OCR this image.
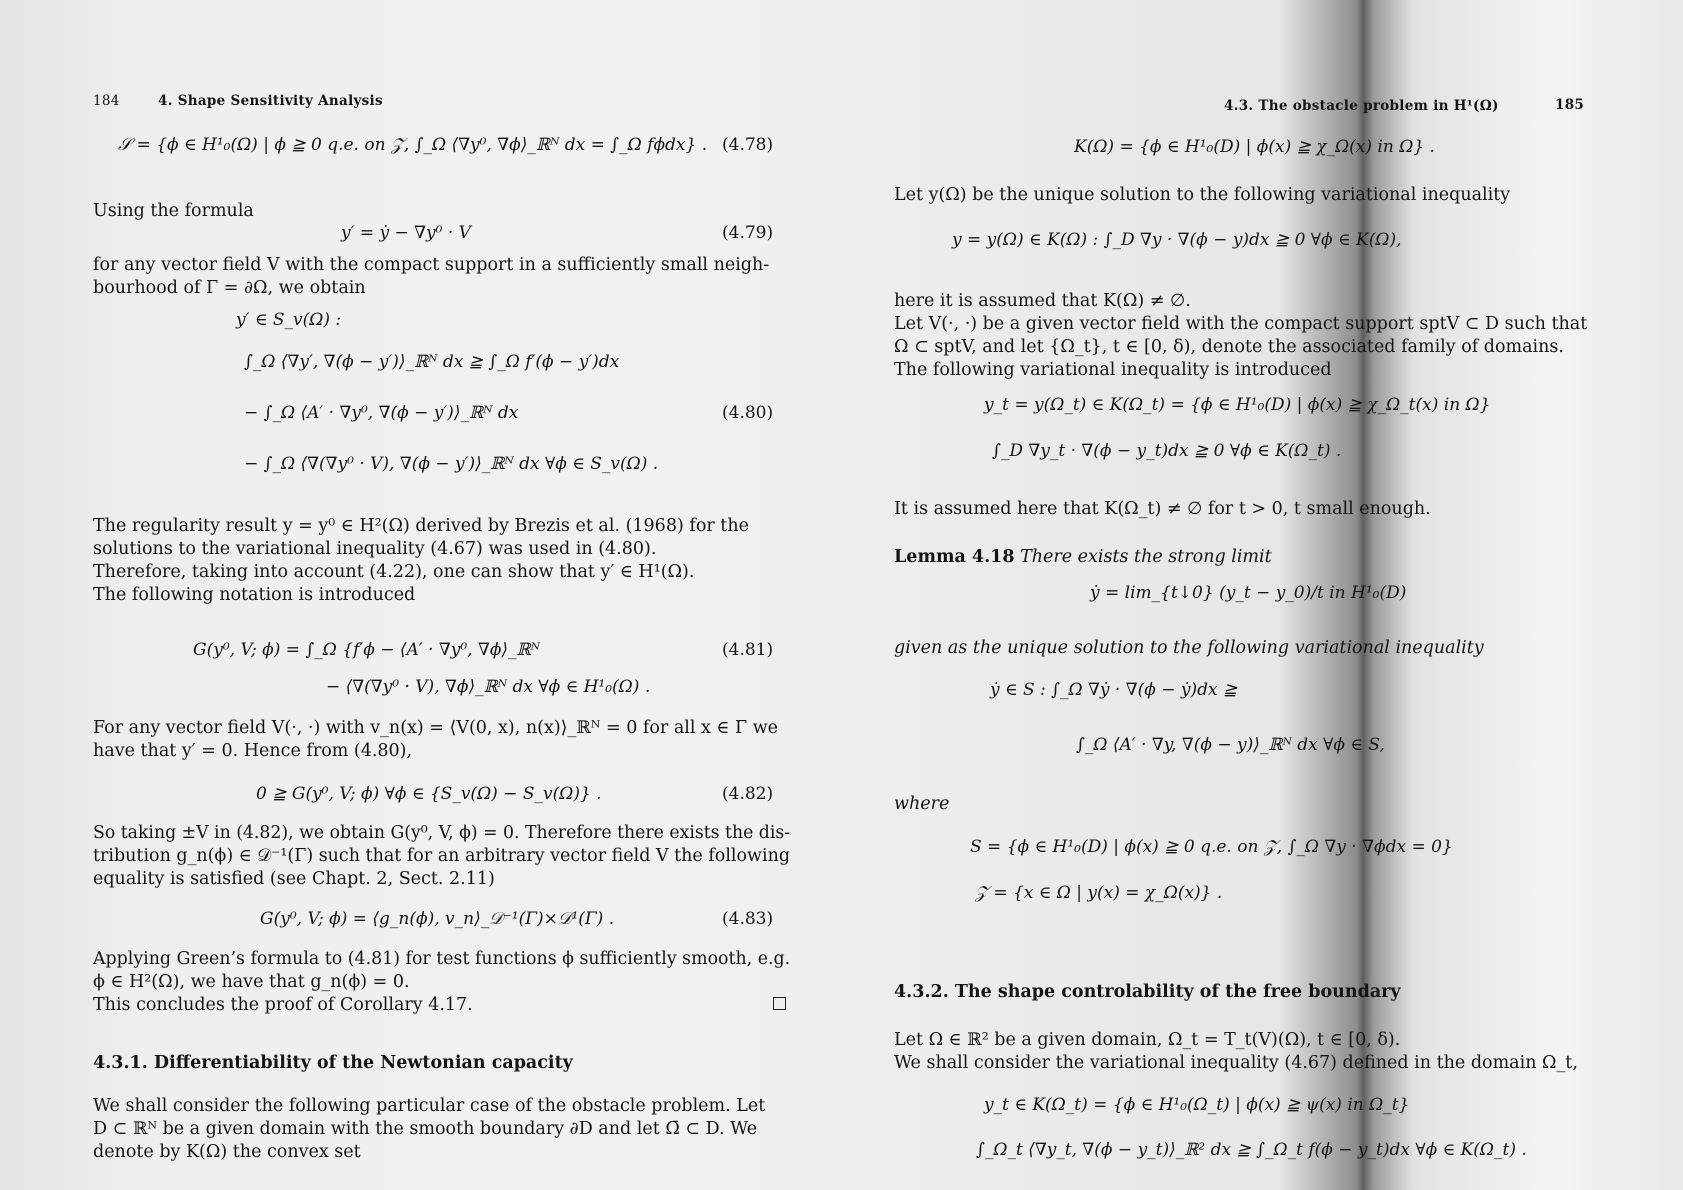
184	4. Shape Sensitivity Analysis
𝒮 = {ϕ ∈ H¹₀(Ω) | ϕ ≧ 0 q.e. on 𝒵, ∫_Ω ⟨∇y⁰, ∇ϕ⟩_ℝᴺ dx = ∫_Ω fϕdx} . (4.78)
Using the formula
y′ = ẏ − ∇y⁰ · V	(4.79)
for any vector field V with the compact support in a sufficiently small neigh-
bourhood of Γ = ∂Ω, we obtain
y′ ∈ S_v(Ω) :
∫_Ω ⟨∇y′, ∇(ϕ − y′)⟩_ℝᴺ dx ≧ ∫_Ω f′(ϕ − y′)dx
− ∫_Ω ⟨A′ · ∇y⁰, ∇(ϕ − y′)⟩_ℝᴺ dx	(4.80)
− ∫_Ω ⟨∇(∇y⁰ · V), ∇(ϕ − y′)⟩_ℝᴺ dx ∀ϕ ∈ S_v(Ω) .
The regularity result y = y⁰ ∈ H²(Ω) derived by Brezis et al. (1968) for the
solutions to the variational inequality (4.67) was used in (4.80).
Therefore, taking into account (4.22), one can show that y′ ∈ H¹(Ω).
The following notation is introduced
G(y⁰, V; ϕ) = ∫_Ω {f′ϕ − ⟨A′ · ∇y⁰, ∇ϕ⟩_ℝᴺ	(4.81)
− ⟨∇(∇y⁰ · V), ∇ϕ⟩_ℝᴺ dx ∀ϕ ∈ H¹₀(Ω) .
For any vector field V(·, ·) with v_n(x) = ⟨V(0, x), n(x)⟩_ℝᴺ = 0 for all x ∈ Γ we
have that y′ = 0. Hence from (4.80),
0 ≧ G(y⁰, V; ϕ) ∀ϕ ∈ {S_v(Ω) − S_v(Ω)} .	(4.82)
So taking ±V in (4.82), we obtain G(y⁰, V, ϕ) = 0. Therefore there exists the dis-
tribution g_n(ϕ) ∈ 𝒟⁻¹(Γ) such that for an arbitrary vector field V the following
equality is satisfied (see Chapt. 2, Sect. 2.11)
G(y⁰, V; ϕ) = ⟨g_n(ϕ), v_n⟩_𝒟⁻¹(Γ)×𝒟¹(Γ) .	(4.83)
Applying Green’s formula to (4.81) for test functions ϕ sufficiently smooth, e.g.
ϕ ∈ H²(Ω), we have that g_n(ϕ) = 0.
This concludes the proof of Corollary 4.17.
4.3.1. Differentiability of the Newtonian capacity
We shall consider the following particular case of the obstacle problem. Let
D ⊂ ℝᴺ be a given domain with the smooth boundary ∂D and let Ω̄ ⊂ D. We
denote by K(Ω) the convex set
4.3. The obstacle problem in H¹(Ω)	185
K(Ω) = {ϕ ∈ H¹₀(D) | ϕ(x) ≧ χ_Ω(x) in Ω} .
Let y(Ω) be the unique solution to the following variational inequality
y = y(Ω) ∈ K(Ω) : ∫_D ∇y · ∇(ϕ − y)dx ≧ 0 ∀ϕ ∈ K(Ω),
here it is assumed that K(Ω) ≠ ∅.
Let V(·, ·) be a given vector field with the compact support sptV ⊂ D such that
Ω ⊂ sptV, and let {Ω_t}, t ∈ [0, δ), denote the associated family of domains.
The following variational inequality is introduced
y_t = y(Ω_t) ∈ K(Ω_t) = {ϕ ∈ H¹₀(D) | ϕ(x) ≧ χ_Ω_t(x) in Ω}
∫_D ∇y_t · ∇(ϕ − y_t)dx ≧ 0 ∀ϕ ∈ K(Ω_t) .
It is assumed here that K(Ω_t) ≠ ∅ for t > 0, t small enough.
Lemma 4.18 There exists the strong limit
ẏ = lim_{t↓0} (y_t − y_0)/t in H¹₀(D)
given as the unique solution to the following variational inequality
ẏ ∈ S : ∫_Ω ∇ẏ · ∇(ϕ − ẏ)dx ≧
∫_Ω ⟨A′ · ∇y, ∇(ϕ − y)⟩_ℝᴺ dx ∀ϕ ∈ S,
where
S = {ϕ ∈ H¹₀(D) | ϕ(x) ≧ 0 q.e. on 𝒵, ∫_Ω ∇y · ∇ϕdx = 0}
𝒵 = {x ∈ Ω | y(x) = χ_Ω(x)} .
4.3.2. The shape controlability of the free boundary
Let Ω ∈ ℝ² be a given domain, Ω_t = T_t(V)(Ω), t ∈ [0, δ).
We shall consider the variational inequality (4.67) defined in the domain Ω_t,
y_t ∈ K(Ω_t) = {ϕ ∈ H¹₀(Ω_t) | ϕ(x) ≧ ψ(x) in Ω_t}
∫_Ω_t ⟨∇y_t, ∇(ϕ − y_t)⟩_ℝ² dx ≧ ∫_Ω_t f(ϕ − y_t)dx ∀ϕ ∈ K(Ω_t) .
